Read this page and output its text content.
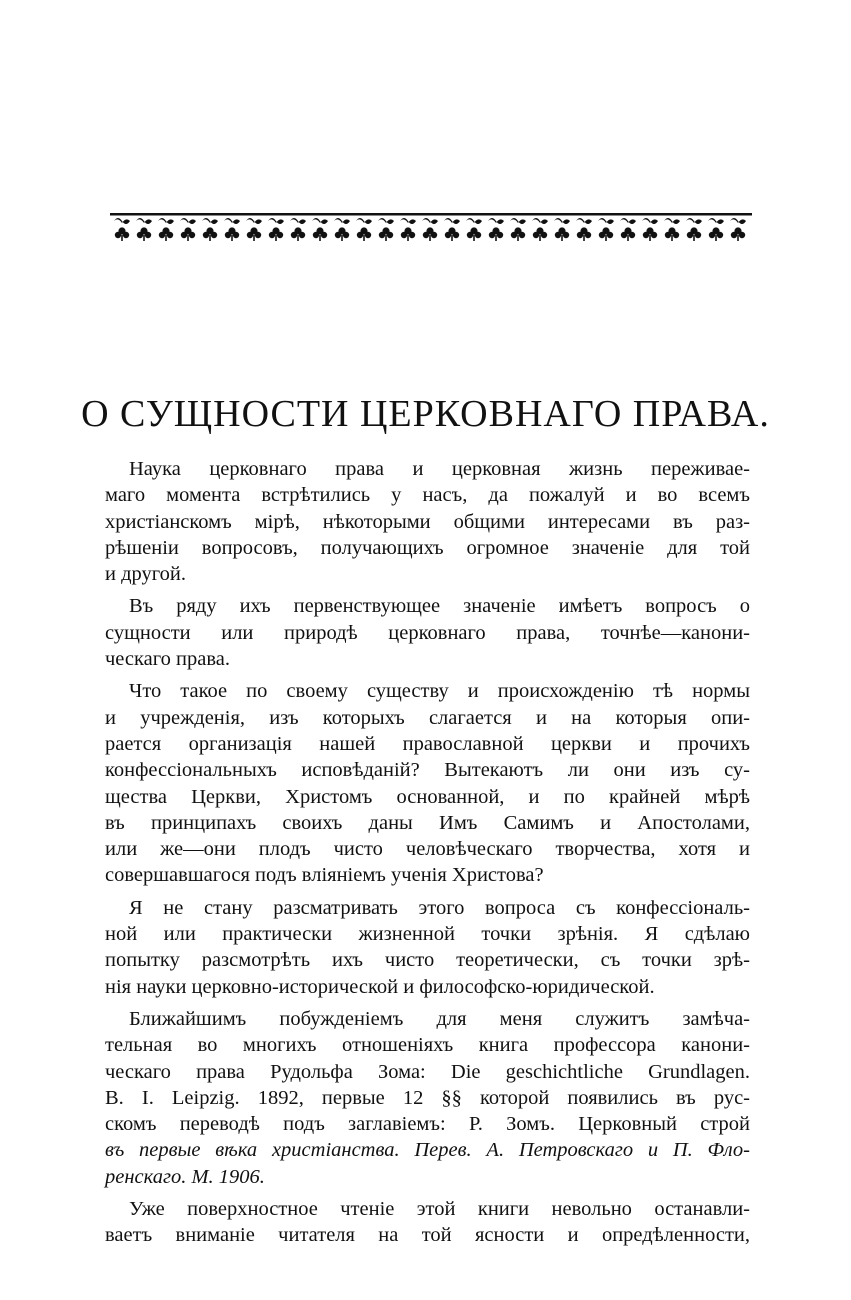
О СУЩНОСТИ ЦЕРКОВНАГО ПРАВА.
Наука церковнаго права и церковная жизнь переживае-
маго момента встрѣтились у насъ, да пожалуй и во всемъ
христіанскомъ мірѣ, нѣкоторыми общими интересами въ раз-
рѣшеніи вопросовъ, получающихъ огромное значеніе для той
и другой.
Въ ряду ихъ первенствующее значеніе имѣетъ вопросъ о
сущности или природѣ церковнаго права, точнѣе—канони-
ческаго права.
Что такое по своему существу и происхожденію тѣ нормы
и учрежденія, изъ которыхъ слагается и на которыя опи-
рается организація нашей православной церкви и прочихъ
конфессіональныхъ исповѣданій? Вытекаютъ ли они изъ су-
щества Церкви, Христомъ основанной, и по крайней мѣрѣ
въ принципахъ своихъ даны Имъ Самимъ и Апостолами,
или же—они плодъ чисто человѣческаго творчества, хотя и
совершавшагося подъ вліяніемъ ученія Христова?
Я не стану разсматривать этого вопроса съ конфессіональ-
ной или практически жизненной точки зрѣнія. Я сдѣлаю
попытку разсмотрѣть ихъ чисто теоретически, съ точки зрѣ-
нія науки церковно-исторической и философско-юридической.
Ближайшимъ побужденіемъ для меня служитъ замѣча-
тельная во многихъ отношеніяхъ книга профессора канони-
ческаго права Рудольфа Зома: Die geschichtliche Grundlagen.
B. I. Leipzig. 1892, первые 12 §§ которой появились въ рус-
скомъ переводѣ подъ заглавіемъ: Р. Зомъ. Церковный строй
въ первые вѣка христіанства. Перев. А. Петровскаго и П. Фло-
ренскаго. М. 1906.
Уже поверхностное чтеніе этой книги невольно останавли-
ваетъ вниманіе читателя на той ясности и опредѣленности,
